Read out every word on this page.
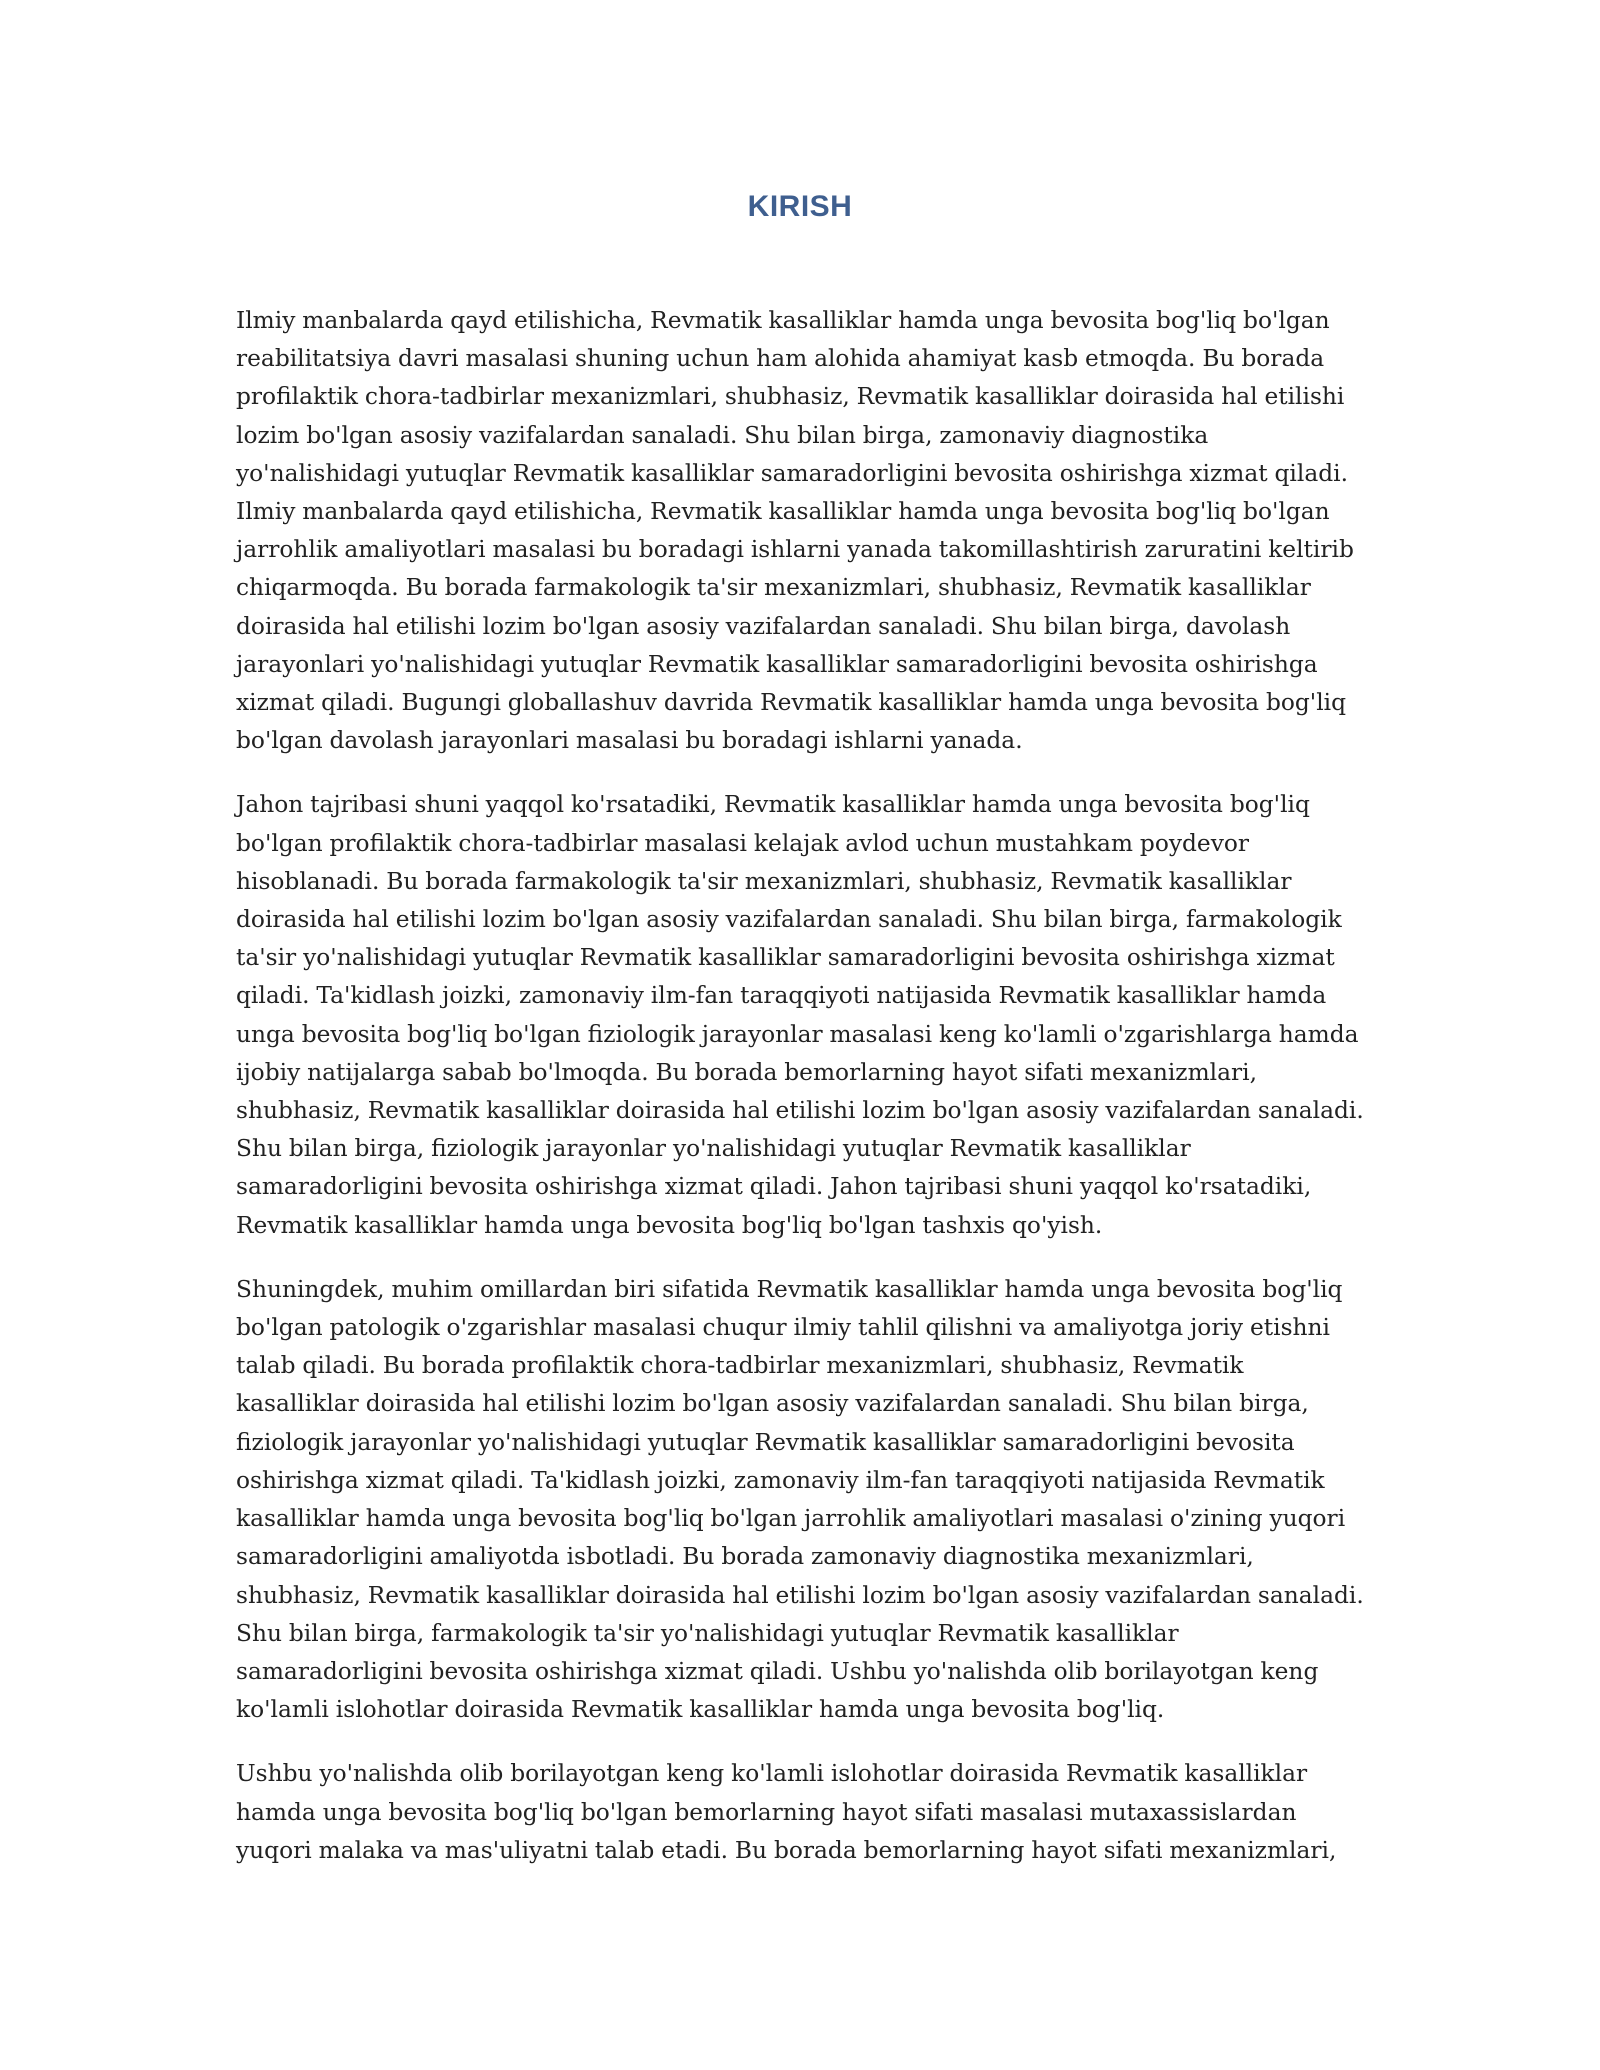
KIRISH

Ilmiy manbalarda qayd etilishicha, Revmatik kasalliklar hamda unga bevosita bog'liq bo'lgan reabilitatsiya davri masalasi shuning uchun ham alohida ahamiyat kasb etmoqda. Bu borada profilaktik chora-tadbirlar mexanizmlari, shubhasiz, Revmatik kasalliklar doirasida hal etilishi lozim bo'lgan asosiy vazifalardan sanaladi. Shu bilan birga, zamonaviy diagnostika yo'nalishidagi yutuqlar Revmatik kasalliklar samaradorligini bevosita oshirishga xizmat qiladi. Ilmiy manbalarda qayd etilishicha, Revmatik kasalliklar hamda unga bevosita bog'liq bo'lgan jarrohlik amaliyotlari masalasi bu boradagi ishlarni yanada takomillashtirish zaruratini keltirib chiqarmoqda. Bu borada farmakologik ta'sir mexanizmlari, shubhasiz, Revmatik kasalliklar doirasida hal etilishi lozim bo'lgan asosiy vazifalardan sanaladi. Shu bilan birga, davolash jarayonlari yo'nalishidagi yutuqlar Revmatik kasalliklar samaradorligini bevosita oshirishga xizmat qiladi. Bugungi globallashuv davrida Revmatik kasalliklar hamda unga bevosita bog'liq bo'lgan davolash jarayonlari masalasi bu boradagi ishlarni yanada.

Jahon tajribasi shuni yaqqol ko'rsatadiki, Revmatik kasalliklar hamda unga bevosita bog'liq bo'lgan profilaktik chora-tadbirlar masalasi kelajak avlod uchun mustahkam poydevor hisoblanadi. Bu borada farmakologik ta'sir mexanizmlari, shubhasiz, Revmatik kasalliklar doirasida hal etilishi lozim bo'lgan asosiy vazifalardan sanaladi. Shu bilan birga, farmakologik ta'sir yo'nalishidagi yutuqlar Revmatik kasalliklar samaradorligini bevosita oshirishga xizmat qiladi. Ta'kidlash joizki, zamonaviy ilm-fan taraqqiyoti natijasida Revmatik kasalliklar hamda unga bevosita bog'liq bo'lgan fiziologik jarayonlar masalasi keng ko'lamli o'zgarishlarga hamda ijobiy natijalarga sabab bo'lmoqda. Bu borada bemorlarning hayot sifati mexanizmlari, shubhasiz, Revmatik kasalliklar doirasida hal etilishi lozim bo'lgan asosiy vazifalardan sanaladi. Shu bilan birga, fiziologik jarayonlar yo'nalishidagi yutuqlar Revmatik kasalliklar samaradorligini bevosita oshirishga xizmat qiladi. Jahon tajribasi shuni yaqqol ko'rsatadiki, Revmatik kasalliklar hamda unga bevosita bog'liq bo'lgan tashxis qo'yish.

Shuningdek, muhim omillardan biri sifatida Revmatik kasalliklar hamda unga bevosita bog'liq bo'lgan patologik o'zgarishlar masalasi chuqur ilmiy tahlil qilishni va amaliyotga joriy etishni talab qiladi. Bu borada profilaktik chora-tadbirlar mexanizmlari, shubhasiz, Revmatik kasalliklar doirasida hal etilishi lozim bo'lgan asosiy vazifalardan sanaladi. Shu bilan birga, fiziologik jarayonlar yo'nalishidagi yutuqlar Revmatik kasalliklar samaradorligini bevosita oshirishga xizmat qiladi. Ta'kidlash joizki, zamonaviy ilm-fan taraqqiyoti natijasida Revmatik kasalliklar hamda unga bevosita bog'liq bo'lgan jarrohlik amaliyotlari masalasi o'zining yuqori samaradorligini amaliyotda isbotladi. Bu borada zamonaviy diagnostika mexanizmlari, shubhasiz, Revmatik kasalliklar doirasida hal etilishi lozim bo'lgan asosiy vazifalardan sanaladi. Shu bilan birga, farmakologik ta'sir yo'nalishidagi yutuqlar Revmatik kasalliklar samaradorligini bevosita oshirishga xizmat qiladi. Ushbu yo'nalishda olib borilayotgan keng ko'lamli islohotlar doirasida Revmatik kasalliklar hamda unga bevosita bog'liq.

Ushbu yo'nalishda olib borilayotgan keng ko'lamli islohotlar doirasida Revmatik kasalliklar hamda unga bevosita bog'liq bo'lgan bemorlarning hayot sifati masalasi mutaxassislardan yuqori malaka va mas'uliyatni talab etadi. Bu borada bemorlarning hayot sifati mexanizmlari,
